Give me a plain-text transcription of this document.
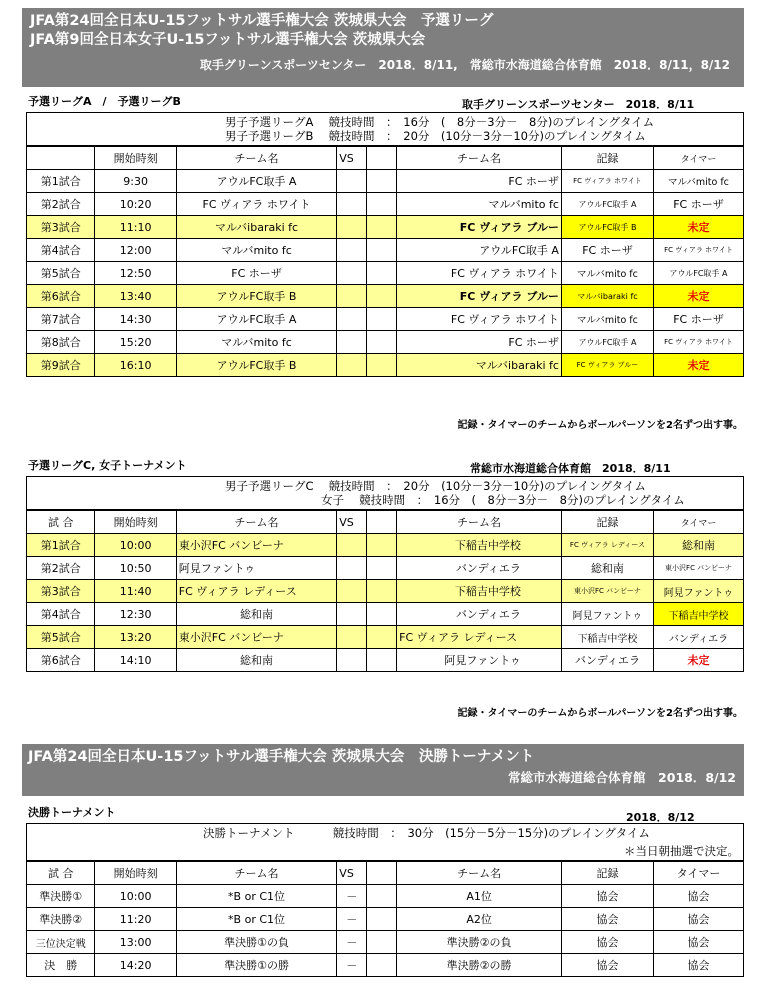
JFA第24回全日本U-15フットサル選手権大会 茨城県大会　予選リーグ
JFA第9回全日本女子U-15フットサル選手権大会 茨城県大会
取手グリーンスポーツセンター　2018．8/11,　常総市水海道総合体育館　2018．8/11，8/12
予選リーグA　/　予選リーグB	取手グリーンスポーツセンター　2018．8/11
男子予選リーグA　 競技時間　：　16分　(　8分－3分－　8分)のプレイングタイム
男子予選リーグB　 競技時間　：　20分　(10分－3分－10分)のプレイングタイム							

	開始時刻	チーム名	VS		チーム名	記録	タイマー
第1試合	9:30	アウルFC取手 A			FC ホーザ	FC ヴィアラ ホワイト	マルバmito fc
第2試合	10:20	FC ヴィアラ ホワイト			マルバmito fc	アウルFC取手 A	FC ホーザ
第3試合	11:10	マルバibaraki fc			FC ヴィアラ ブルー	アウルFC取手 B	未定
第4試合	12:00	マルバmito fc			アウルFC取手 A	FC ホーザ	FC ヴィアラ ホワイト
第5試合	12:50	FC ホーザ			FC ヴィアラ ホワイト	マルバmito fc	アウルFC取手 A
第6試合	13:40	アウルFC取手 B			FC ヴィアラ ブルー	マルバibaraki fc	未定
第7試合	14:30	アウルFC取手 A			FC ヴィアラ ホワイト	マルバmito fc	FC ホーザ
第8試合	15:20	マルバmito fc			FC ホーザ	アウルFC取手 A	FC ヴィアラ ホワイト
第9試合	16:10	アウルFC取手 B			マルバibaraki fc	FC ヴィアラ ブルー	未定
記録・タイマーのチームからボールパーソンを2名ずつ出す事。
予選リーグC, 女子トーナメント	常総市水海道総合体育館　2018．8/11
男子予選リーグC　 競技時間　：　20分　(10分－3分－10分)のプレイングタイム
女子　 競技時間　：　16分　(　8分－3分－　8分)のプレイングタイム							

試 合	開始時刻	チーム名	VS		チーム名	記録	タイマー
第1試合	10:00	東小沢FC バンビーナ			下稲吉中学校	FC ヴィアラ レディース	総和南
第2試合	10:50	阿見ファントゥ			バンディエラ	総和南	東小沢FC バンビーナ
第3試合	11:40	FC ヴィアラ レディース			下稲吉中学校	東小沢FC バンビーナ	阿見ファントゥ
第4試合	12:30	総和南			バンディエラ	阿見ファントゥ	下稲吉中学校
第5試合	13:20	東小沢FC バンビーナ			FC ヴィアラ レディース	下稲吉中学校	バンディエラ
第6試合	14:10	総和南			阿見ファントゥ	バンディエラ	未定
記録・タイマーのチームからボールパーソンを2名ずつ出す事。
JFA第24回全日本U-15フットサル選手権大会 茨城県大会　決勝トーナメント
常総市水海道総合体育館　2018．8/12
決勝トーナメント	2018．8/12
決勝トーナメント　　　 競技時間　：　30分　(15分－5分－15分)のプレイングタイム
＊当日朝抽選で決定。							

試 合	開始時刻	チーム名	VS		チーム名	記録	タイマー
準決勝①	10:00	*B or C1位	－		A1位	協会	協会
準決勝②	11:20	*B or C1位	－		A2位	協会	協会
三位決定戦	13:00	準決勝①の負	－		準決勝②の負	協会	協会
決　勝	14:20	準決勝①の勝	－		準決勝②の勝	協会	協会
